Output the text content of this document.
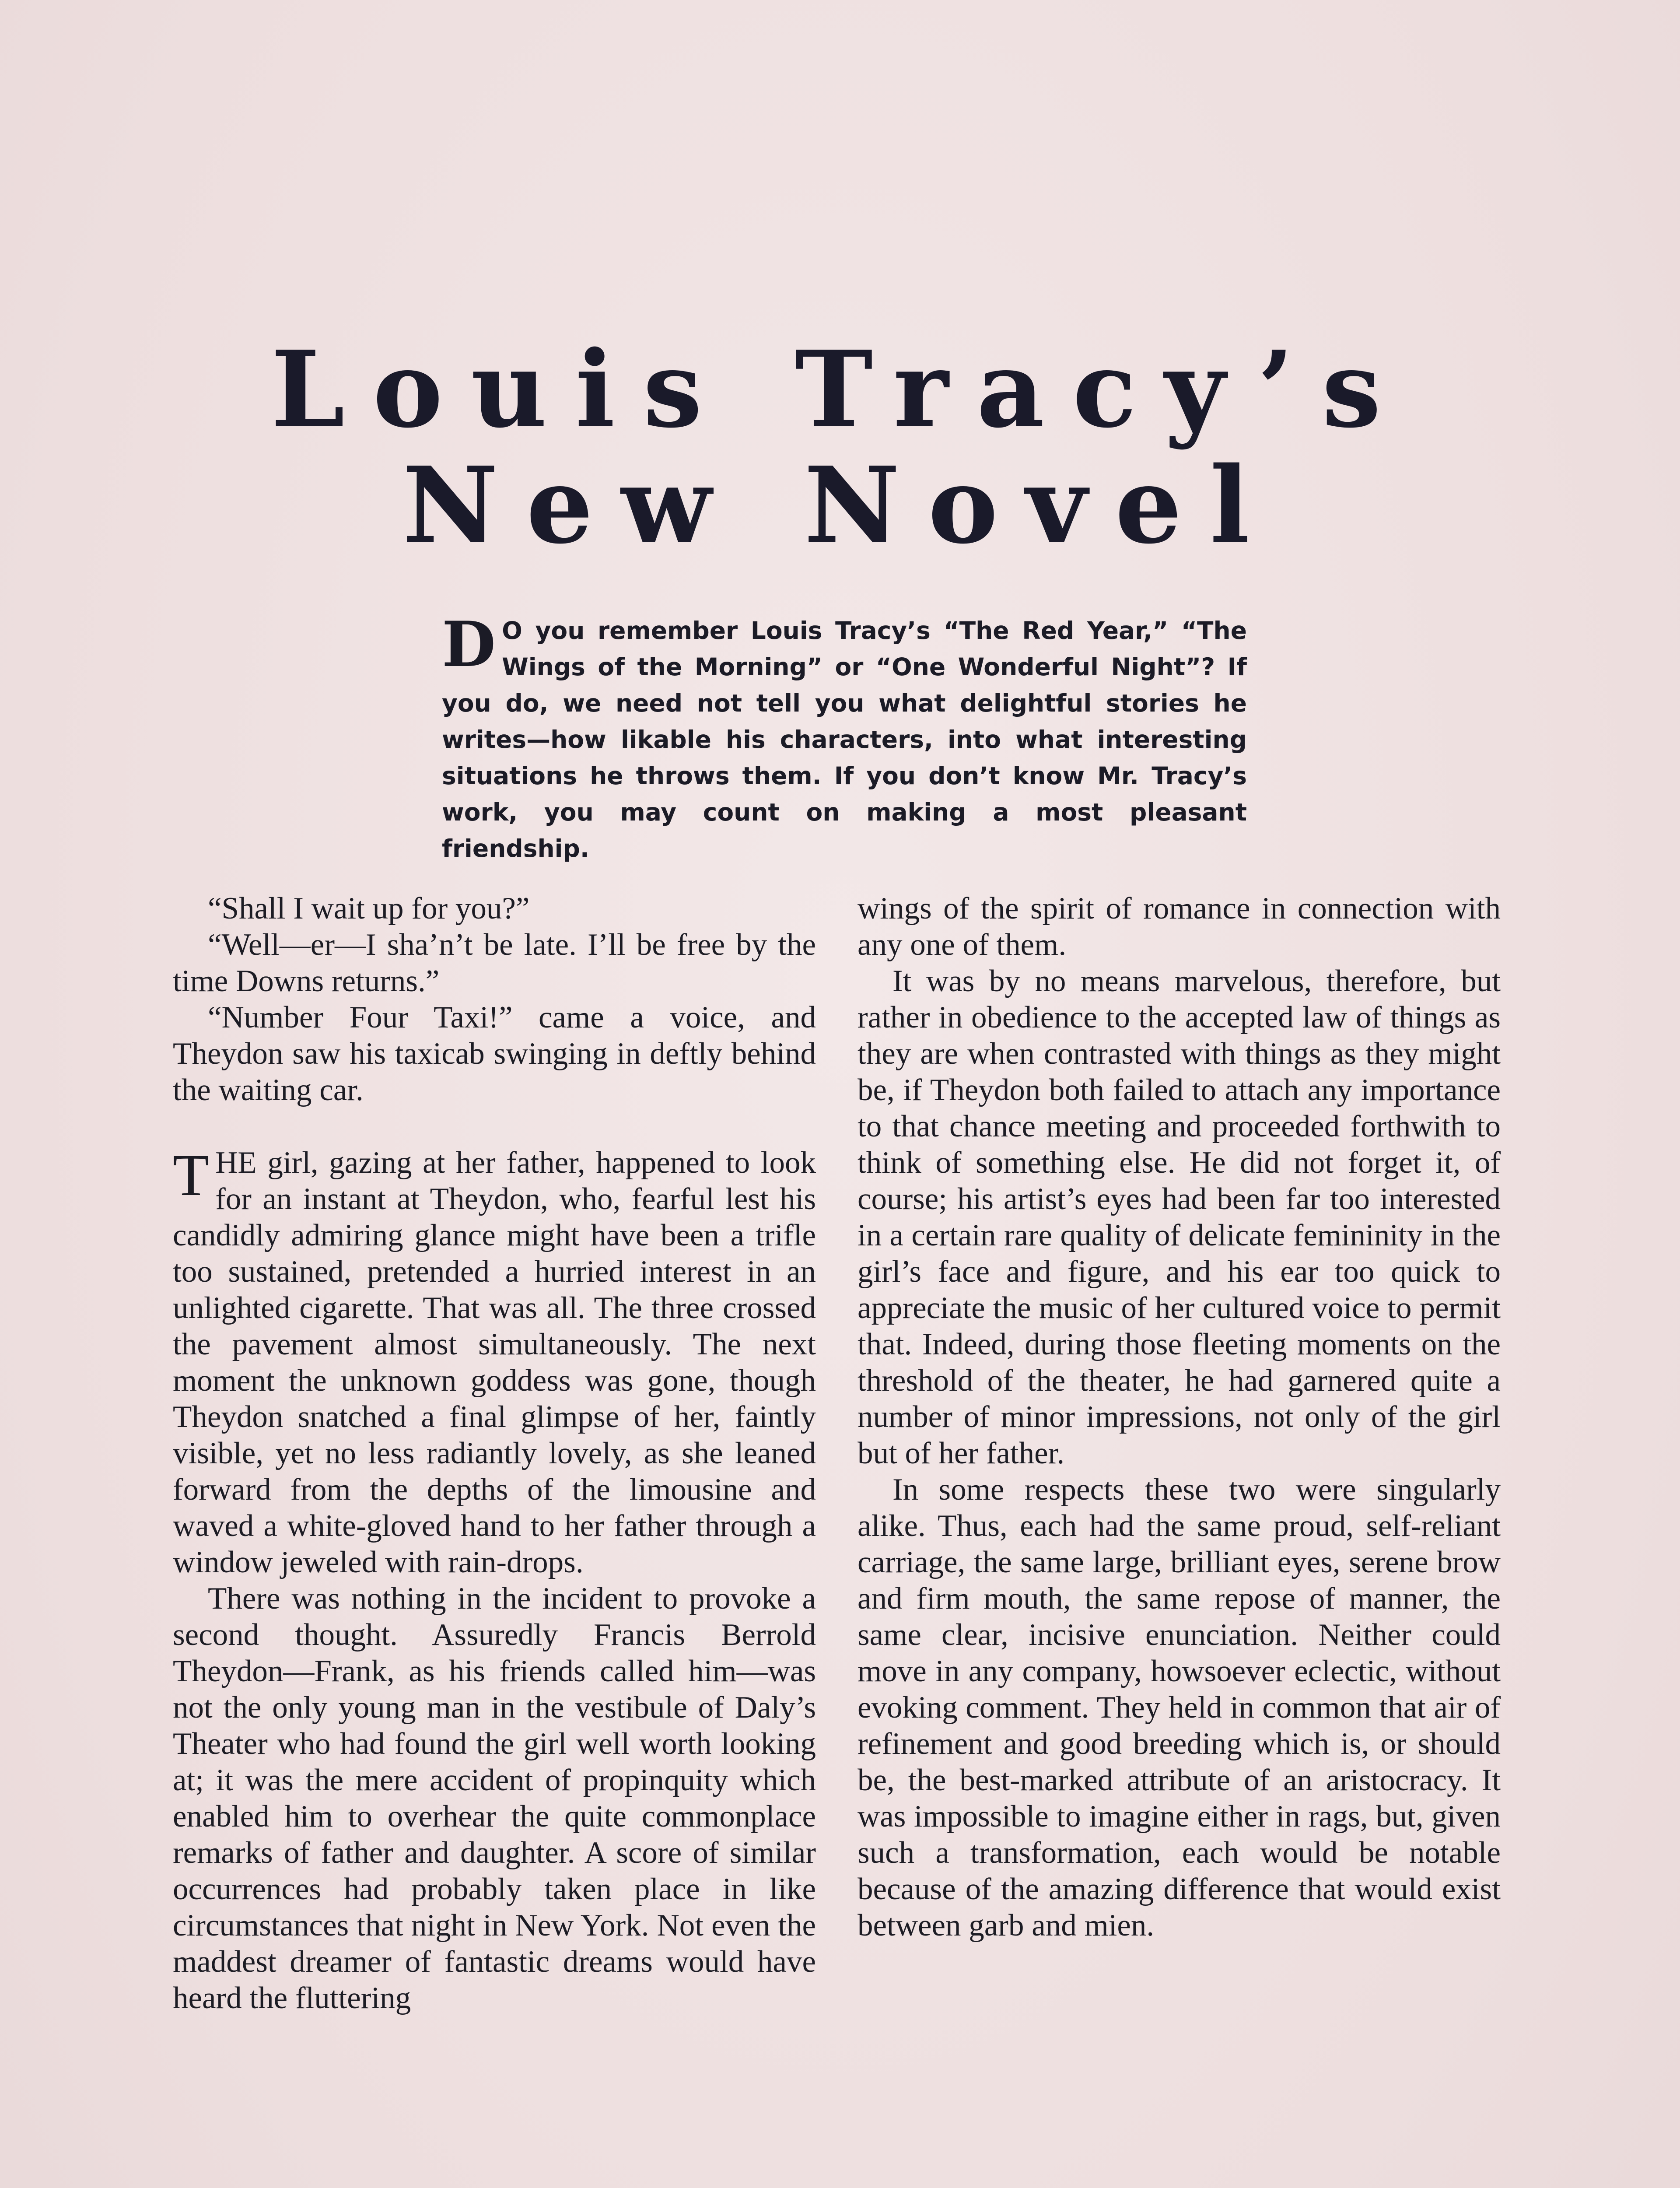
Louis Tracy’s
New Novel
D O you remember Louis Tracy’s “The Red Year,” “The Wings of the Morning” or “One Wonderful Night”? If you do, we need not tell you what delightful stories he writes—how likable his characters, into what interesting situations he throws them. If you don’t know Mr. Tracy’s work, you may count on making a most pleasant friendship.

“Shall I wait up for you?”

“Well—er—I sha’n’t be late. I’ll be free by the time Downs returns.”

“Number Four Taxi!” came a voice, and Theydon saw his taxicab swinging in deftly behind the waiting car.

THE girl, gazing at her father, happened to look for an instant at Theydon, who, fearful lest his candidly admiring glance might have been a trifle too sustained, pretended a hurried interest in an unlighted cigarette. That was all. The three crossed the pavement almost simultaneously. The next moment the unknown goddess was gone, though Theydon snatched a final glimpse of her, faintly visible, yet no less radiantly lovely, as she leaned forward from the depths of the limousine and waved a white-gloved hand to her father through a window jeweled with rain-drops.

There was nothing in the incident to provoke a second thought. Assuredly Francis Berrold Theydon—Frank, as his friends called him—was not the only young man in the vestibule of Daly’s Theater who had found the girl well worth looking at; it was the mere accident of propinquity which enabled him to overhear the quite commonplace remarks of father and daughter. A score of similar occurrences had probably taken place in like circumstances that night in New York. Not even the maddest dreamer of fantastic dreams would have heard the fluttering

wings of the spirit of romance in connection with any one of them.

It was by no means marvelous, therefore, but rather in obedience to the accepted law of things as they are when contrasted with things as they might be, if Theydon both failed to attach any importance to that chance meeting and proceeded forthwith to think of something else. He did not forget it, of course; his artist’s eyes had been far too interested in a certain rare quality of delicate femininity in the girl’s face and figure, and his ear too quick to appreciate the music of her cultured voice to permit that. Indeed, during those fleeting moments on the threshold of the theater, he had garnered quite a number of minor impressions, not only of the girl but of her father.

In some respects these two were singularly alike. Thus, each had the same proud, self-reliant carriage, the same large, brilliant eyes, serene brow and firm mouth, the same repose of manner, the same clear, incisive enunciation. Neither could move in any company, howsoever eclectic, without evoking comment. They held in common that air of refinement and good breeding which is, or should be, the best-marked attribute of an aristocracy. It was impossible to imagine either in rags, but, given such a transformation, each would be notable because of the amazing difference that would exist between garb and mien.
